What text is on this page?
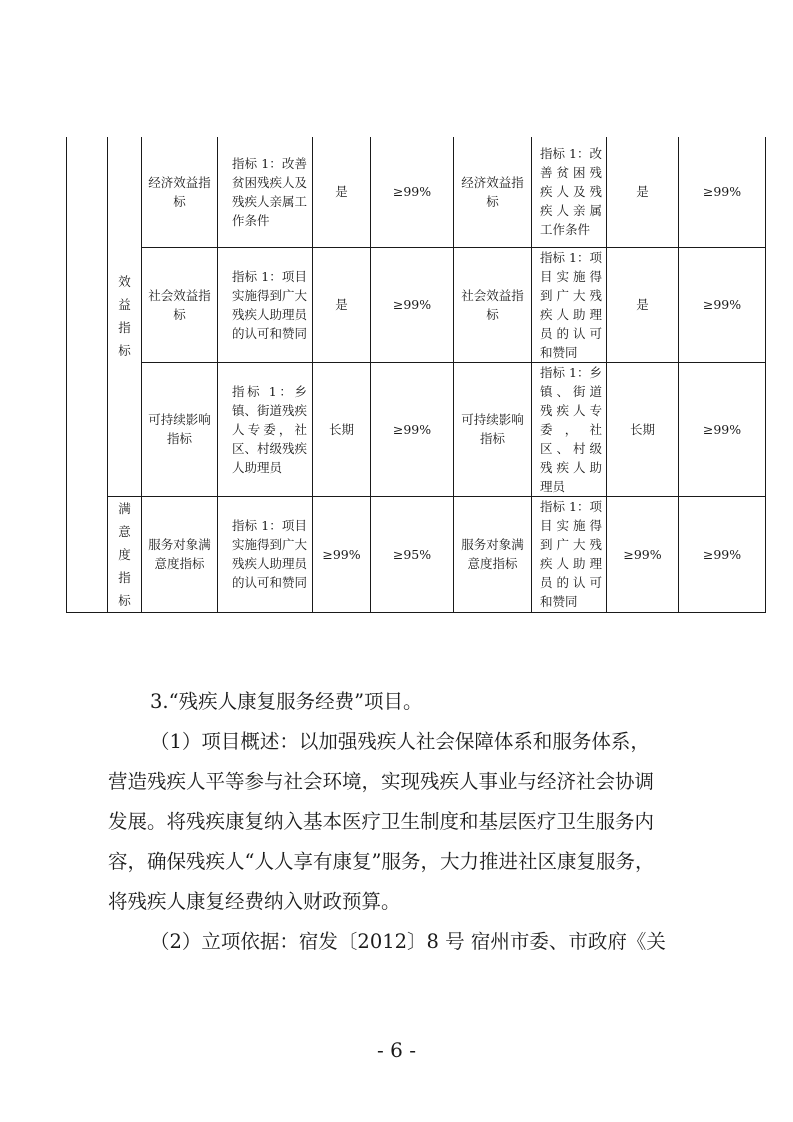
	效益指标	经济效益指标	指标 1：改善贫困残疾人及残疾人亲属工作条件	是	≥99%	经济效益指标	指标 1：改善贫困残疾人及残疾人亲属工作条件	是	≥99%
		社会效益指标	指标 1：项目实施得到广大残疾人助理员的认可和赞同	是	≥99%	社会效益指标	指标 1：项目实施得到广大残疾人助理员的认可和赞同	是	≥99%
		可持续影响指标	指标 1：乡镇、街道残疾人专委，社区、村级残疾人助理员	长期	≥99%	可持续影响指标	指标 1：乡镇、街道残疾人专委，社区、村级残疾人助理员	长期	≥99%

	满意度指标	服务对象满意度指标	指标 1：项目实施得到广大残疾人助理员的认可和赞同	≥99%	≥95%	服务对象满意度指标	指标 1：项目实施得到广大残疾人助理员的认可和赞同	≥99%	≥99%
3.“残疾人康复服务经费”项目。
（1）项目概述：以加强残疾人社会保障体系和服务体系，
营造残疾人平等参与社会环境，实现残疾人事业与经济社会协调
发展。将残疾康复纳入基本医疗卫生制度和基层医疗卫生服务内
容，确保残疾人“人人享有康复”服务，大力推进社区康复服务，
将残疾人康复经费纳入财政预算。
（2）立项依据：宿发〔2012〕8 号 宿州市委、市政府《关
- 6 -
